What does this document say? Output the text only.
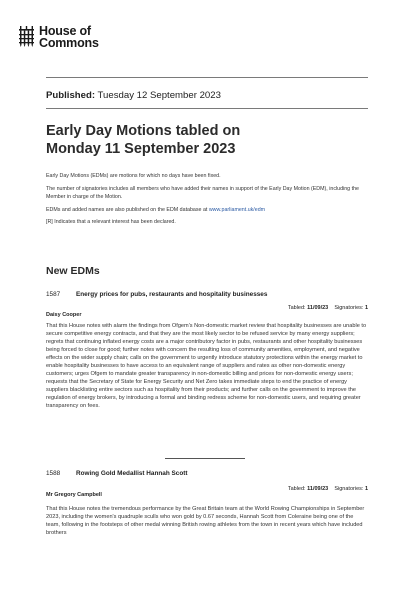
House of
Commons
Published: Tuesday 12 September 2023
Early Day Motions tabled on
Monday 11 September 2023

Early Day Motions (EDMs) are motions for which no days have been fixed.

The number of signatories includes all members who have added their names in support of the Early Day Motion (EDM), including the Member in charge of the Motion.

EDMs and added names are also published on the EDM database at www.parliament.uk/edm

[R] Indicates that a relevant interest has been declared.

New EDMs
1587	Energy prices for pubs, restaurants and hospitality businesses
Daisy Cooper
Tabled: 11/09/23 Signatories: 1

That this House notes with alarm the findings from Ofgem's Non-domestic market review that hospitality businesses are unable to secure competitive energy contracts, and that they are the most likely sector to be refused service by many energy suppliers; regrets that continuing inflated energy costs are a major contributory factor in pubs, restaurants and other hospitality businesses being forced to close for good; further notes with concern the resulting loss of community amenities, employment, and negative effects on the wider supply chain; calls on the government to urgently introduce statutory protections within the energy market to enable hospitality businesses to have access to an equivalent range of suppliers and rates as other non-domestic energy customers; urges Ofgem to mandate greater transparency in non-domestic billing and prices for non-domestic energy users; requests that the Secretary of State for Energy Security and Net Zero takes immediate steps to end the practice of energy suppliers blacklisting entire sectors such as hospitality from their products; and further calls on the government to improve the regulation of energy brokers, by introducing a formal and binding redress scheme for non-domestic users, and requiring greater transparency on fees.

1588	Rowing Gold Medallist Hannah Scott
Mr Gregory Campbell
Tabled: 11/09/23 Signatories: 1

That this House notes the tremendous performance by the Great Britain team at the World Rowing Championships in September 2023, including the women's quadruple sculls who won gold by 0.67 seconds, Hannah Scott from Coleraine being one of the team, following in the footsteps of other medal winning British rowing athletes from the town in recent years which have included brothers
